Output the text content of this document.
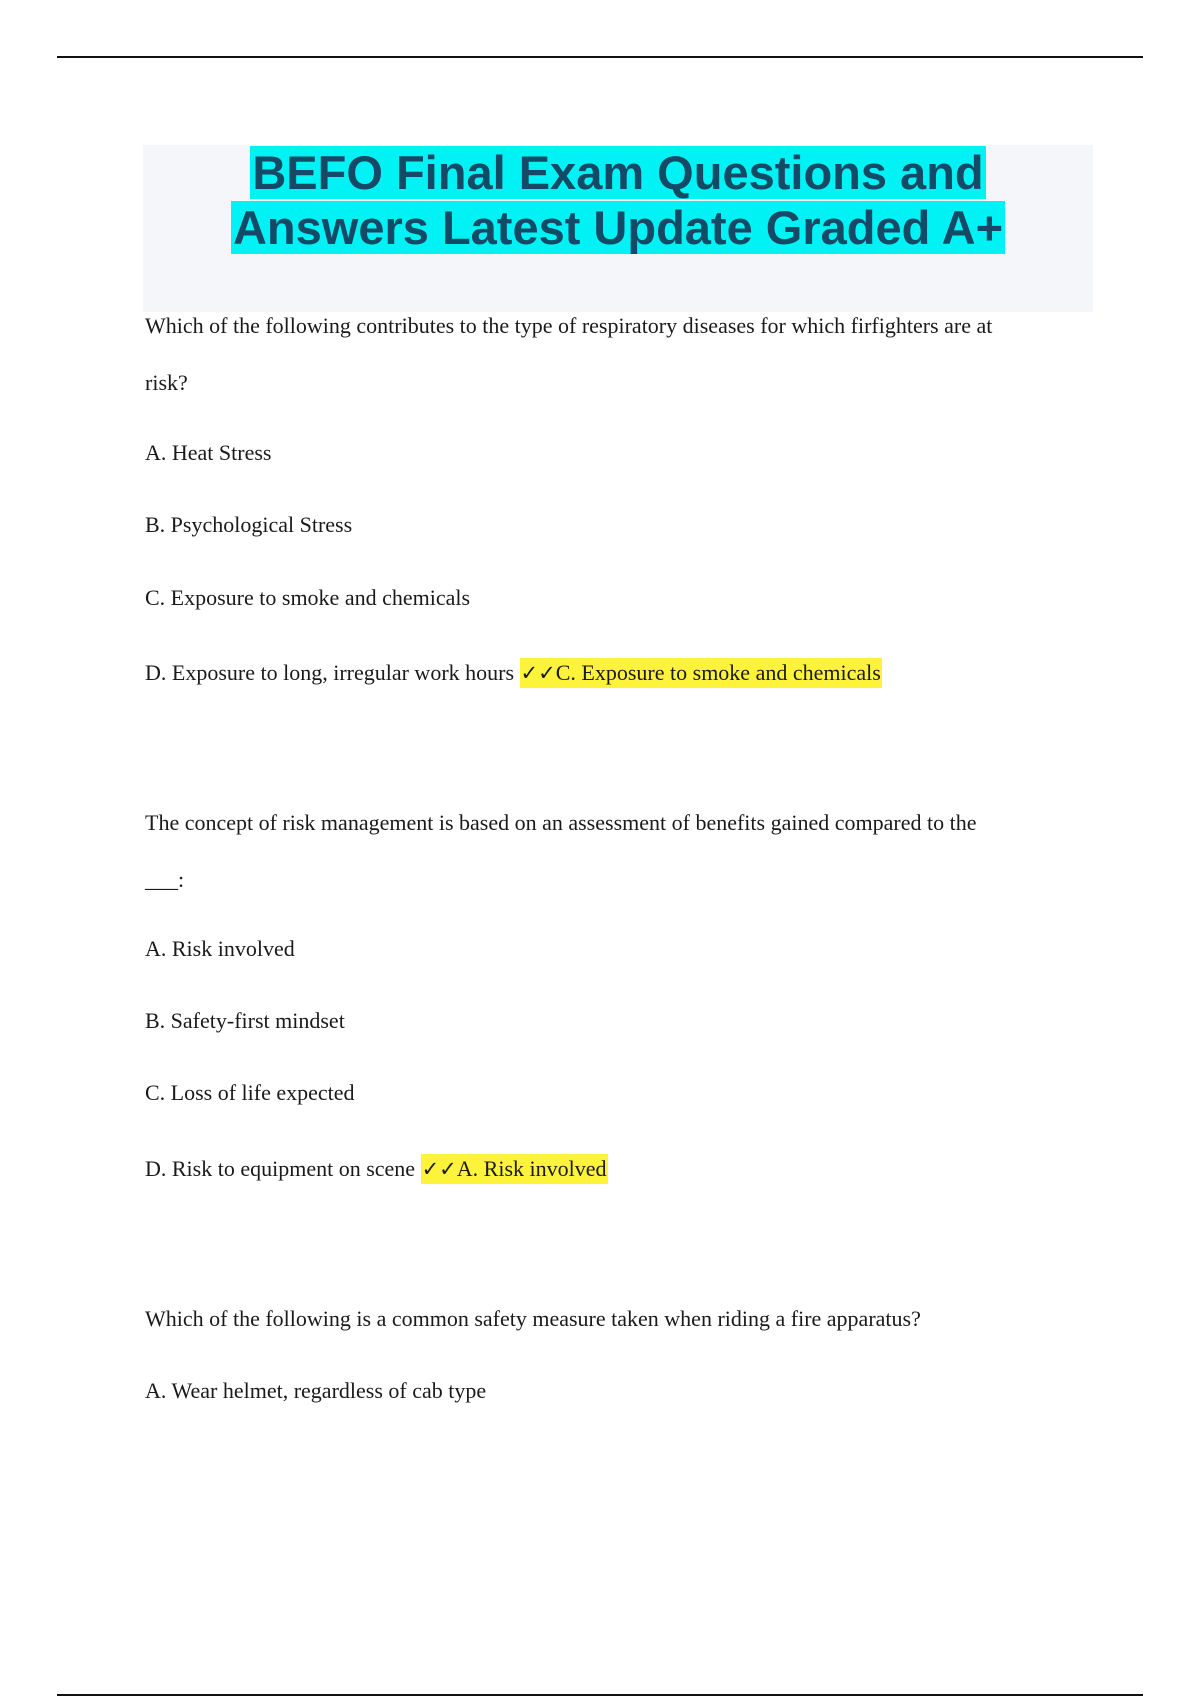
BEFO Final Exam Questions and
Answers Latest Update Graded A+
Which of the following contributes to the type of respiratory diseases for which firfighters are at
risk?
A. Heat Stress
B. Psychological Stress
C. Exposure to smoke and chemicals
D. Exposure to long, irregular work hours ✓✓C. Exposure to smoke and chemicals
The concept of risk management is based on an assessment of benefits gained compared to the
___:
A. Risk involved
B. Safety-first mindset
C. Loss of life expected
D. Risk to equipment on scene ✓✓A. Risk involved
Which of the following is a common safety measure taken when riding a fire apparatus?
A. Wear helmet, regardless of cab type
